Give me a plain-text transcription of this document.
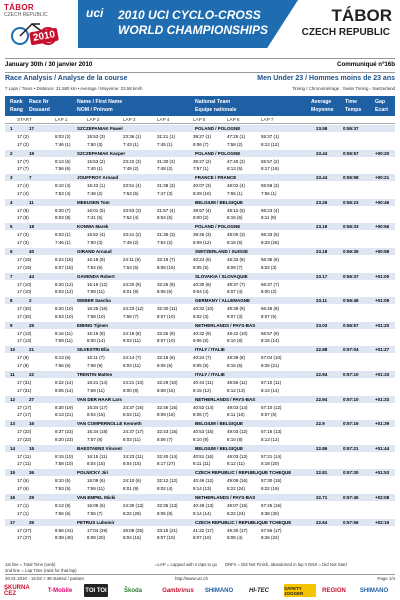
TÁBOR
CZECH REPUBLIC
2010
uci 2010 UCI CYCLO-CROSS
WORLD CHAMPIONSHIPS
TÁBOR
CZECH REPUBLIC
January 30th / 30 janvier 2010	Communiqué nº16b
Race Analysis / Analyse de la course	Men Under 23 / Hommes moins de 23 ans
7 Laps / Tours • Distance: 21.580 km • Average / Moyenne: 23.58 km/h	Timing / Chronométrage : Swiss Timing - Switzerland
Rank
Rang
Race Nr
Dossard
Name / First Name
NOM / Prénom
National Team
Equipe nationale
Average
Moyenne
Time
Temps
Gap
Ecart
START	LAP 1	LAP 2	LAP 3	LAP 4	LAP 5	LAP 6	LAP 7
1	17	SZCZEPANIAK Pawel	POLAND / POLOGNE	23.58	0:55:37
17 (2)	8:03 (2)	15:53 (3)	23:36 (1)	31:21 (1)	39:27 (1)	47:25 (1)	55:37 (1)
17 (2)	7:46 (1)	7:50 (3)	7:43 (1)	7:45 (1)	8:06 (7)	7:58 (2)	8:12 (12)
2	19	SZCZEPANIAK Kacper	POLAND / POLOGNE	23.44	0:55:57	+00:20
17 (7)	8:13 (6)	15:53 (2)	23:42 (3)	31:30 (2)	39:27 (2)	47:40 (2)	55:57 (2)
17 (7)	7:56 (6)	7:40 (1)	7:49 (2)	7:48 (2)	7:57 (1)	8:13 (5)	8:17 (16)
3	7	JOUFFROY Arnaud	FRANCE / FRANCE	23.44	0:55:58	+00:21
17 (4)	8:10 (4)	15:43 (1)	23:51 (4)	31:38 (3)	40:07 (3)	48:02 (4)	55:58 (3)
17 (4)	7:53 (4)	7:48 (2)	7:53 (5)	7:47 (3)	8:29 (10)	7:55 (1)	7:56 (1)
4	11	MEEUSEN Tom	BELGIUM / BELGIQUE	23.26	0:56:23	+00:46
17 (8)	8:20 (7)	16:01 (5)	23:53 (3)	31:57 (4)	39:57 (4)	48:12 (5)	56:23 (4)
17 (8)	8:03 (8)	7:41 (5)	7:52 (4)	8:04 (5)	8:00 (2)	8:15 (6)	8:11 (9)
5	18	KONWA Marek	POLAND / POLOGNE	23.19	0:56:33	+00:56
17 (3)	8:03 (1)	15:52 (4)	23:41 (2)	31:36 (3)	39:45 (3)	48:00 (3)	56:33 (5)
17 (3)	7:46 (1)	7:50 (3)	7:49 (2)	7:54 (2)	8:09 (12)	8:15 (6)	8:33 (26)
6	40	GIRAND Arnaud	SWITZERLAND / SUISSE	23.18	0:56:35	+00:58
17 (15)	8:24 (16)	16:18 (9)	24:11 (6)	32:19 (7)	40:24 (6)	48:33 (6)	56:35 (6)
17 (15)	8:07 (15)	7:54 (6)	7:53 (5)	8:08 (15)	8:05 (5)	8:09 (7)	8:02 (3)
7	44	GAVENDA Robert	SLOVAKIA / SLOVAQUIE	23.17	0:56:37	+01:00
17 (10)	8:20 (12)	16:19 (12)	24:20 (9)	32:26 (9)	40:30 (8)	48:37 (7)	56:37 (7)
17 (10)	8:03 (12)	7:59 (11)	8:01 (9)	8:06 (6)	8:04 (4)	8:07 (4)	8:00 (2)
8	2	WEBER Sascha	GERMANY / ALLEMAGNE	23.11	0:56:46	+01:09
17 (32)	8:20 (10)	16:25 (15)	24:23 (12)	32:30 (11)	40:32 (10)	48:39 (9)	56:46 (8)
17 (32)	8:03 (10)	7:58 (10)	7:58 (7)	8:07 (10)	8:02 (3)	8:07 (3)	8:07 (5)
9	25	EIBING Tijmen	NETHERLANDS / PAYS-BAS	23.03	0:56:57	+01:20
17 (13)	8:16 (11)	16:16 (8)	24:19 (8)	32:26 (9)	40:32 (9)	48:42 (10)	56:57 (9)
17 (13)	7:59 (11)	8:00 (14)	8:03 (11)	8:07 (10)	8:06 (6)	8:10 (8)	8:15 (14)
10	21	SILVESTRI Elia	ITALY / ITALIE	22.98	0:57:04	+01:27
17 (8)	8:13 (6)	16:11 (7)	24:14 (7)	32:19 (6)	40:24 (7)	48:39 (8)	57:04 (10)
17 (8)	7:56 (6)	7:58 (9)	8:03 (11)	8:05 (6)	8:05 (5)	8:15 (6)	8:25 (21)
11	22	TRENTIN Matteo	ITALY / ITALIE	22.94	0:57:10	+01:33
17 (31)	8:22 (14)	16:21 (14)	24:21 (10)	32:29 (10)	40:44 (11)	48:56 (11)	57:10 (11)
17 (31)	8:05 (14)	7:59 (11)	8:00 (8)	8:08 (15)	8:15 (12)	8:12 (13)	8:14 (14)
12	27	VAN DER HAAR Lars	NETHERLANDS / PAYS-BAS	22.94	0:57:10	+01:33
17 (17)	8:30 (19)	16:34 (17)	24:37 (16)	32:46 (16)	40:52 (14)	49:03 (14)	57:10 (12)
17 (17)	8:13 (21)	8:04 (15)	8:03 (11)	8:09 (16)	8:06 (7)	8:11 (10)	8:07 (5)
13	16	VAN COMPERNOLLE Kenneth	BELGIUM / BELGIQUE	22.9	0:57:16	+01:39
17 (22)	8:37 (23)	16:34 (18)	24:37 (17)	32:43 (15)	40:53 (15)	49:03 (12)	57:16 (13)
17 (22)	8:20 (23)	7:57 (8)	8:03 (11)	8:06 (7)	8:10 (9)	8:10 (8)	8:13 (12)
14	15	BAESTAENS Vincent	BELGIUM / BELGIQUE	22.86	0:57:21	+01:44
17 (11)	8:15 (10)	16:15 (11)	24:23 (11)	32:40 (14)	40:51 (16)	49:03 (13)	57:21 (14)
17 (11)	7:58 (10)	8:04 (15)	8:04 (15)	8:17 (27)	8:11 (11)	8:12 (11)	8:18 (20)
15	36	POLNICKY Jiri	CZECH REPUBLIC / REPUBLIQUE TCHEQUE	22.81	0:57:30	+01:53
17 (6)	8:10 (6)	16:09 (6)	24:10 (6)	32:12 (12)	40:46 (12)	49:08 (16)	57:30 (15)
17 (6)	7:53 (5)	7:59 (11)	8:01 (9)	8:02 (4)	8:14 (13)	8:22 (24)	8:22 (19)
16	29	VAN EMPEL Micki	NETHERLANDS / PAYS-BAS	22.71	0:57:45	+02:08
17 (1)	8:13 (8)	16:08 (6)	24:30 (13)	32:35 (13)	40:49 (13)	49:07 (15)	57:45 (16)
17 (1)	7:56 (6)	7:55 (7)	8:22 (29)	8:05 (8)	8:14 (14)	8:22 (24)	8:38 (30)
17	35	PETRUS Lubomir	CZECH REPUBLIC / REPUBLIQUE TCHEQUE	22.64	0:57:56	+02:19
17 (27)	8:56 (41)	17:04 (29)	25:08 (25)	33:15 (21)	41:22 (17)	49:30 (17)	57:56 (17)
17 (27)	8:39 (40)	8:08 (20)	8:04 (15)	8:07 (10)	8:07 (10)	8:08 (4)	8:26 (22)
1st line = Total Time (rank)
2nd line = Lap Time (rank for that lap)
=LAP = Lapped with n laps to go DNFn = Did Not Finish, abandoned in lap n DNS = Did Not Start
30.01.2010 - 15:03 > 38 started / partant	http://www.uci.ch	Page 1/4
SKURNA ČEZ	T-Mobile	TOI TOI	Škoda	Gambrinus	SHIMANO	HI-TEC	SAFETY JOGGER	REGION	SHIMANO
